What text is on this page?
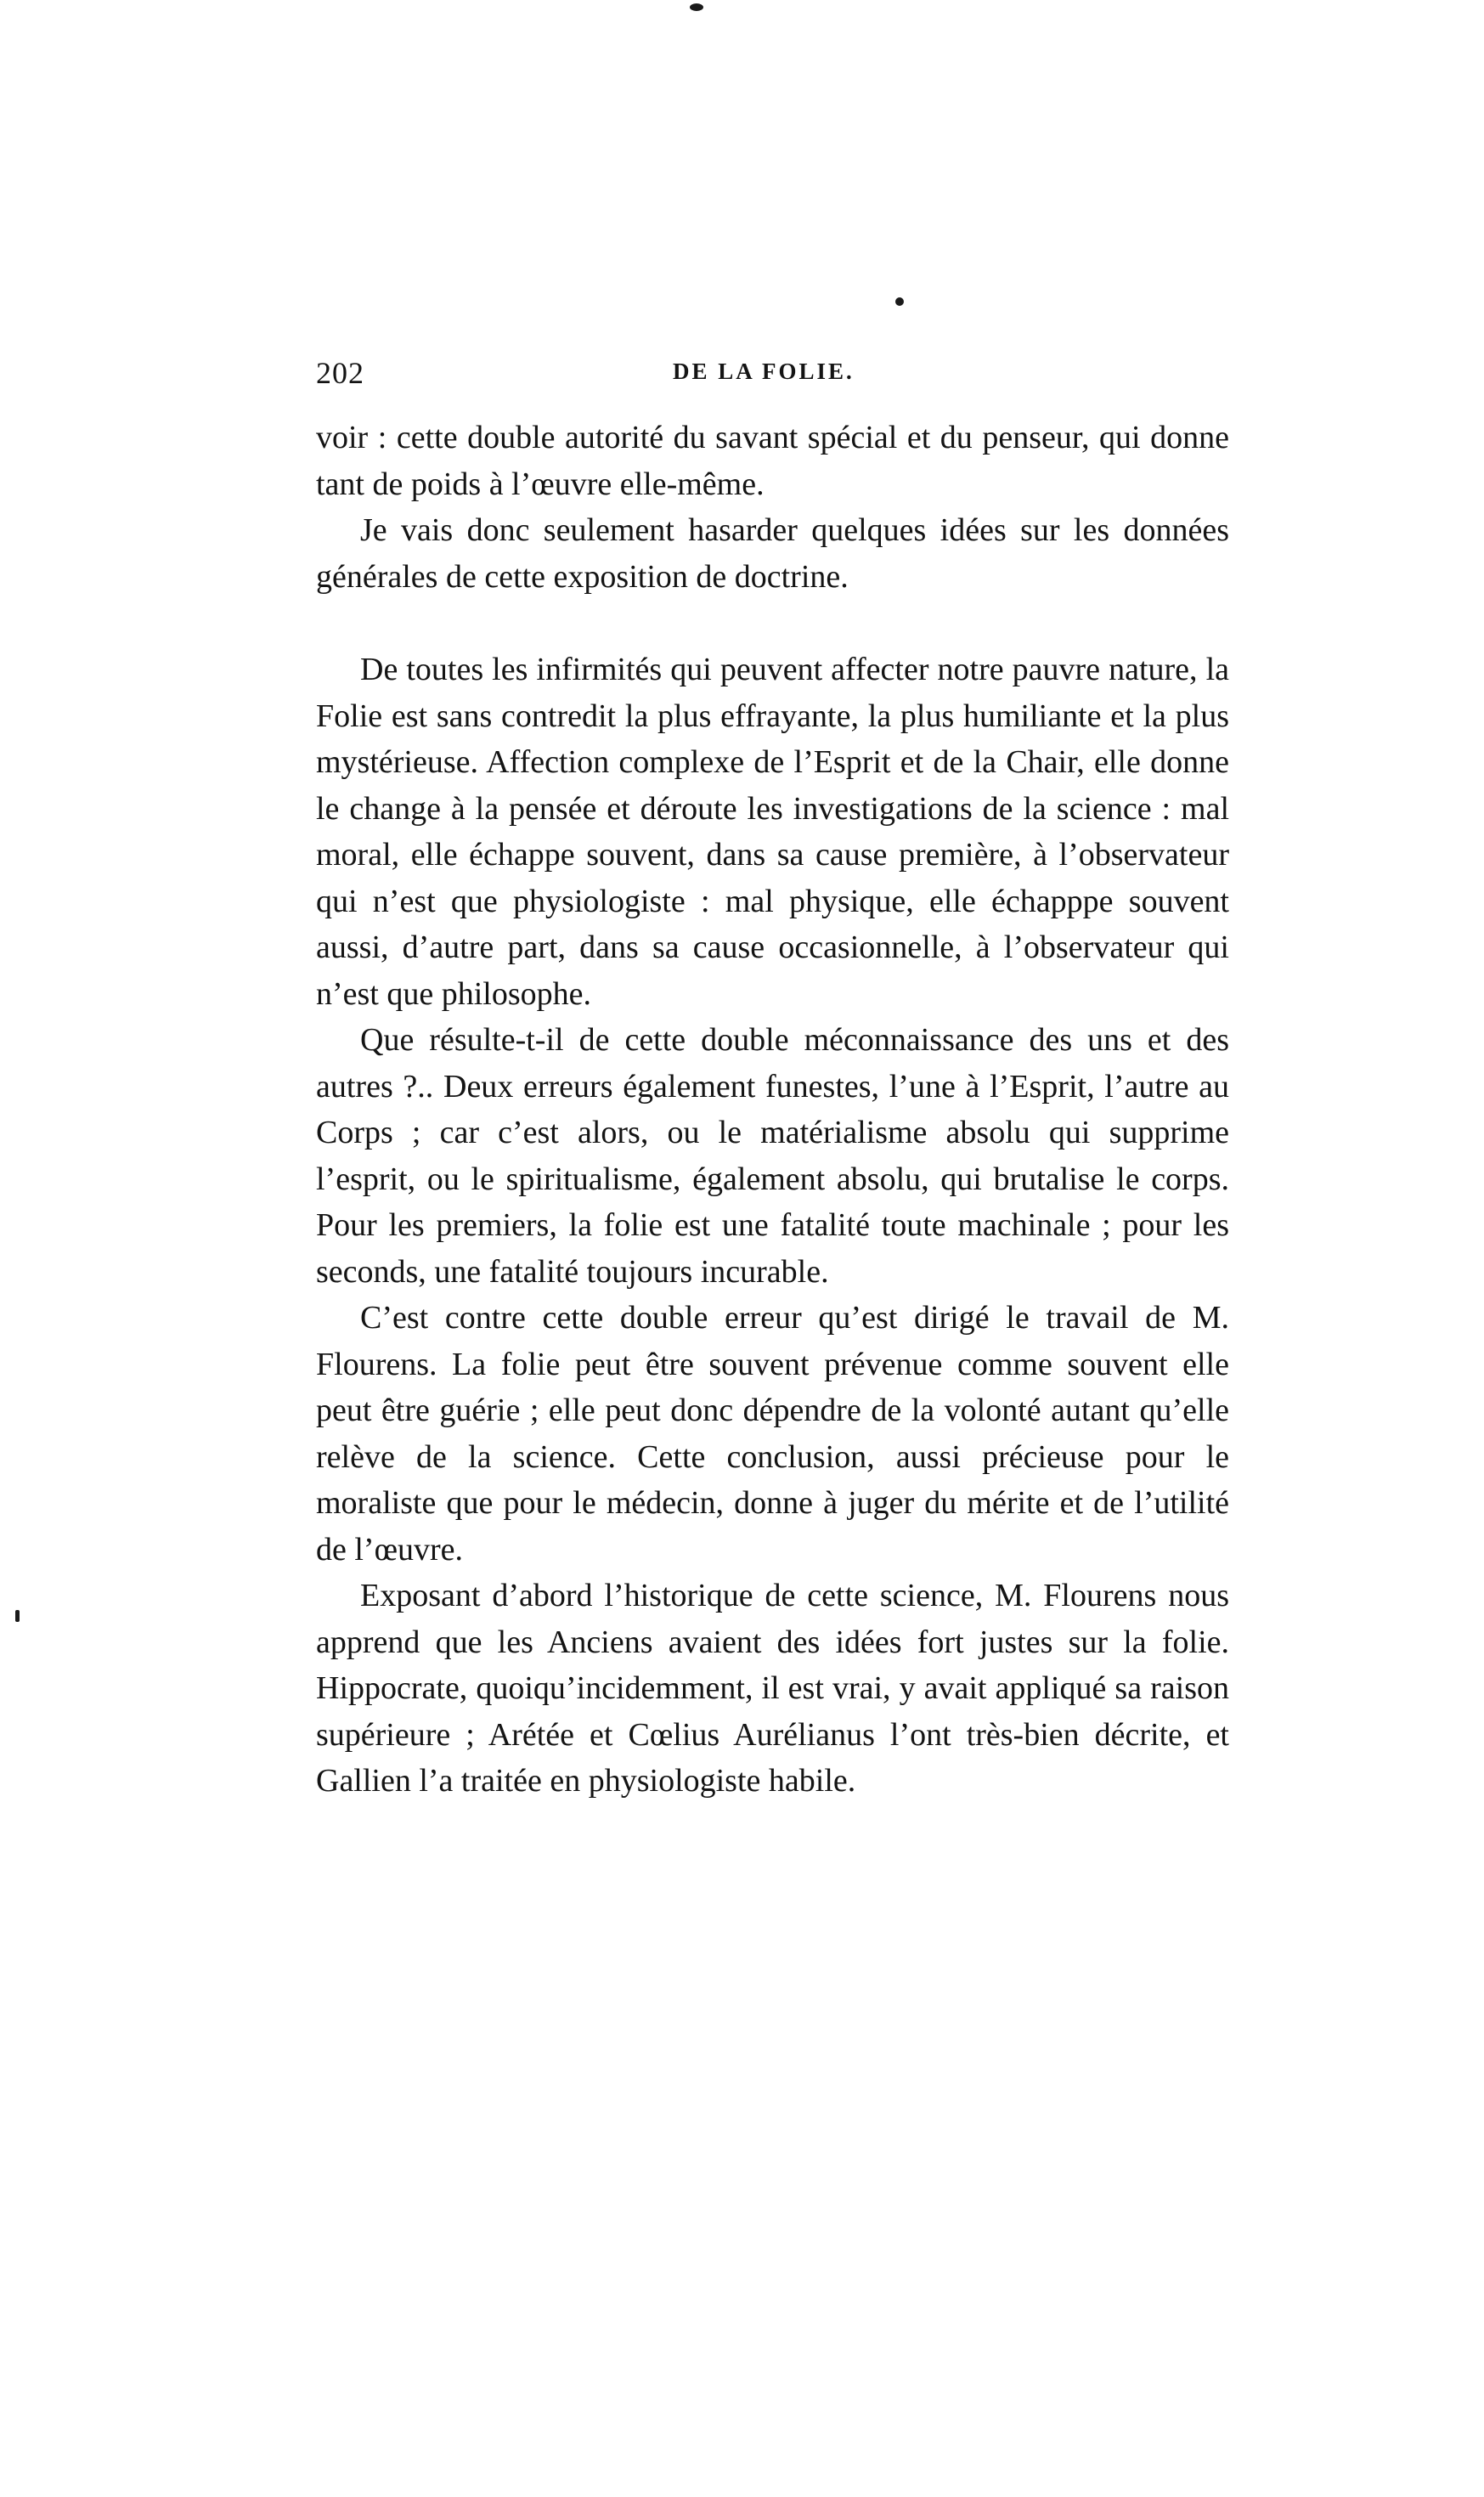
202	DE LA FOLIE.

voir : cette double autorité du savant spécial et du penseur, qui donne tant de poids à l’œuvre elle-même.

Je vais donc seulement hasarder quelques idées sur les données générales de cette exposition de doctrine.

De toutes les infirmités qui peuvent affecter notre pauvre nature, la Folie est sans contredit la plus effrayante, la plus humiliante et la plus mystérieuse. Affection complexe de l’Esprit et de la Chair, elle donne le change à la pensée et déroute les investigations de la science : mal moral, elle échappe souvent, dans sa cause première, à l’observateur qui n’est que physiologiste : mal physique, elle échapppe souvent aussi, d’autre part, dans sa cause occasionnelle, à l’observateur qui n’est que philosophe.

Que résulte-t-il de cette double méconnaissance des uns et des autres ?.. Deux erreurs également funestes, l’une à l’Esprit, l’autre au Corps ; car c’est alors, ou le matérialisme absolu qui supprime l’esprit, ou le spiritualisme, également absolu, qui brutalise le corps. Pour les premiers, la folie est une fatalité toute machinale ; pour les seconds, une fatalité toujours incurable.

C’est contre cette double erreur qu’est dirigé le travail de M. Flourens. La folie peut être souvent prévenue comme souvent elle peut être guérie ; elle peut donc dépendre de la volonté autant qu’elle relève de la science. Cette conclusion, aussi précieuse pour le moraliste que pour le médecin, donne à juger du mérite et de l’utilité de l’œuvre.

Exposant d’abord l’historique de cette science, M. Flourens nous apprend que les Anciens avaient des idées fort justes sur la folie. Hippocrate, quoiqu’incidemment, il est vrai, y avait appliqué sa raison supérieure ; Arétée et Cœlius Aurélianus l’ont très-bien décrite, et Gallien l’a traitée en physiologiste habile.
